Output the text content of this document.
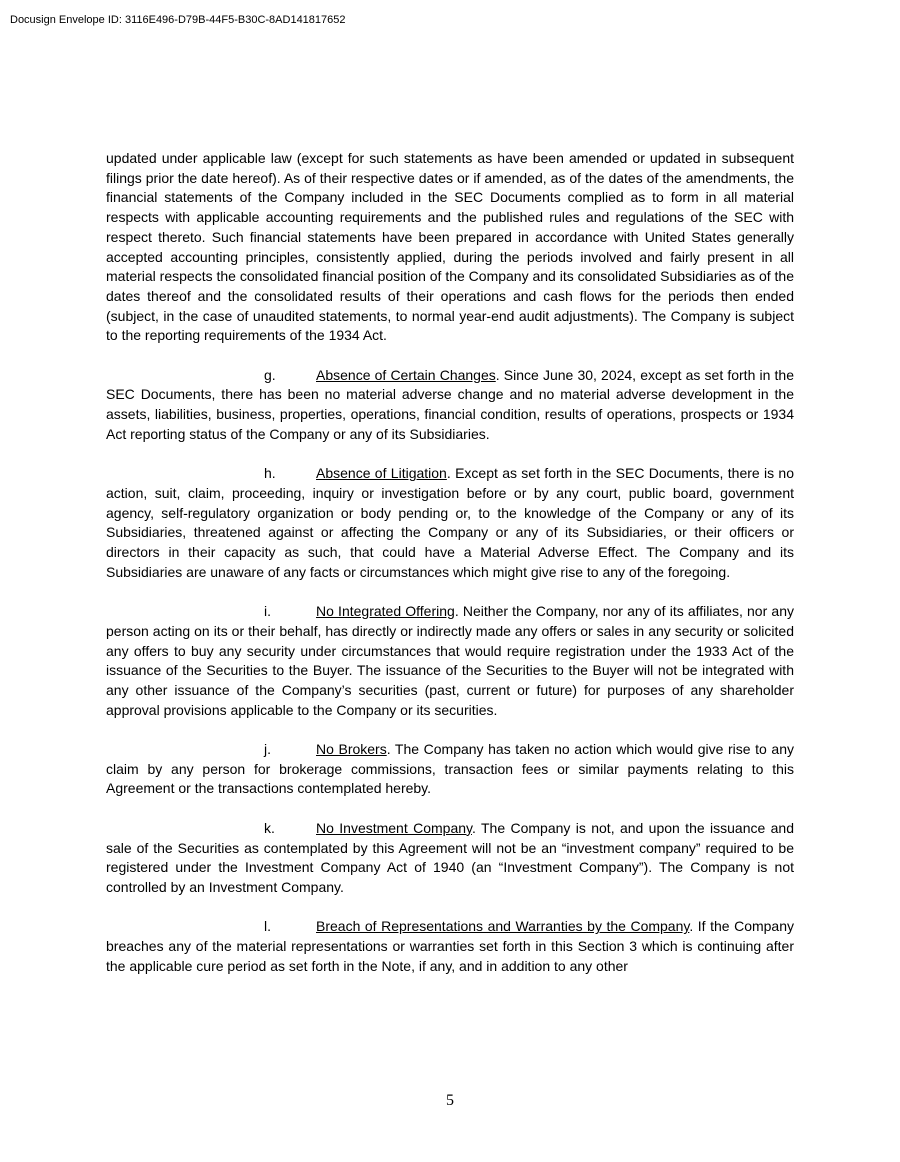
Docusign Envelope ID: 3116E496-D79B-44F5-B30C-8AD141817652

updated under applicable law (except for such statements as have been amended or updated in subsequent filings prior the date hereof). As of their respective dates or if amended, as of the dates of the amendments, the financial statements of the Company included in the SEC Documents complied as to form in all material respects with applicable accounting requirements and the published rules and regulations of the SEC with respect thereto. Such financial statements have been prepared in accordance with United States generally accepted accounting principles, consistently applied, during the periods involved and fairly present in all material respects the consolidated financial position of the Company and its consolidated Subsidiaries as of the dates thereof and the consolidated results of their operations and cash flows for the periods then ended (subject, in the case of unaudited statements, to normal year-end audit adjustments). The Company is subject to the reporting requirements of the 1934 Act.

g.	Absence of Certain Changes. Since June 30, 2024, except as set forth in the SEC Documents, there has been no material adverse change and no material adverse development in the assets, liabilities, business, properties, operations, financial condition, results of operations, prospects or 1934 Act reporting status of the Company or any of its Subsidiaries.

h.	Absence of Litigation. Except as set forth in the SEC Documents, there is no action, suit, claim, proceeding, inquiry or investigation before or by any court, public board, government agency, self-regulatory organization or body pending or, to the knowledge of the Company or any of its Subsidiaries, threatened against or affecting the Company or any of its Subsidiaries, or their officers or directors in their capacity as such, that could have a Material Adverse Effect. The Company and its Subsidiaries are unaware of any facts or circumstances which might give rise to any of the foregoing.

i.	No Integrated Offering. Neither the Company, nor any of its affiliates, nor any person acting on its or their behalf, has directly or indirectly made any offers or sales in any security or solicited any offers to buy any security under circumstances that would require registration under the 1933 Act of the issuance of the Securities to the Buyer. The issuance of the Securities to the Buyer will not be integrated with any other issuance of the Company’s securities (past, current or future) for purposes of any shareholder approval provisions applicable to the Company or its securities.

j.	No Brokers. The Company has taken no action which would give rise to any claim by any person for brokerage commissions, transaction fees or similar payments relating to this Agreement or the transactions contemplated hereby.

k.	No Investment Company. The Company is not, and upon the issuance and sale of the Securities as contemplated by this Agreement will not be an “investment company” required to be registered under the Investment Company Act of 1940 (an “Investment Company”). The Company is not controlled by an Investment Company.

l.	Breach of Representations and Warranties by the Company. If the Company breaches any of the material representations or warranties set forth in this Section 3 which is continuing after the applicable cure period as set forth in the Note, if any, and in addition to any other

5
